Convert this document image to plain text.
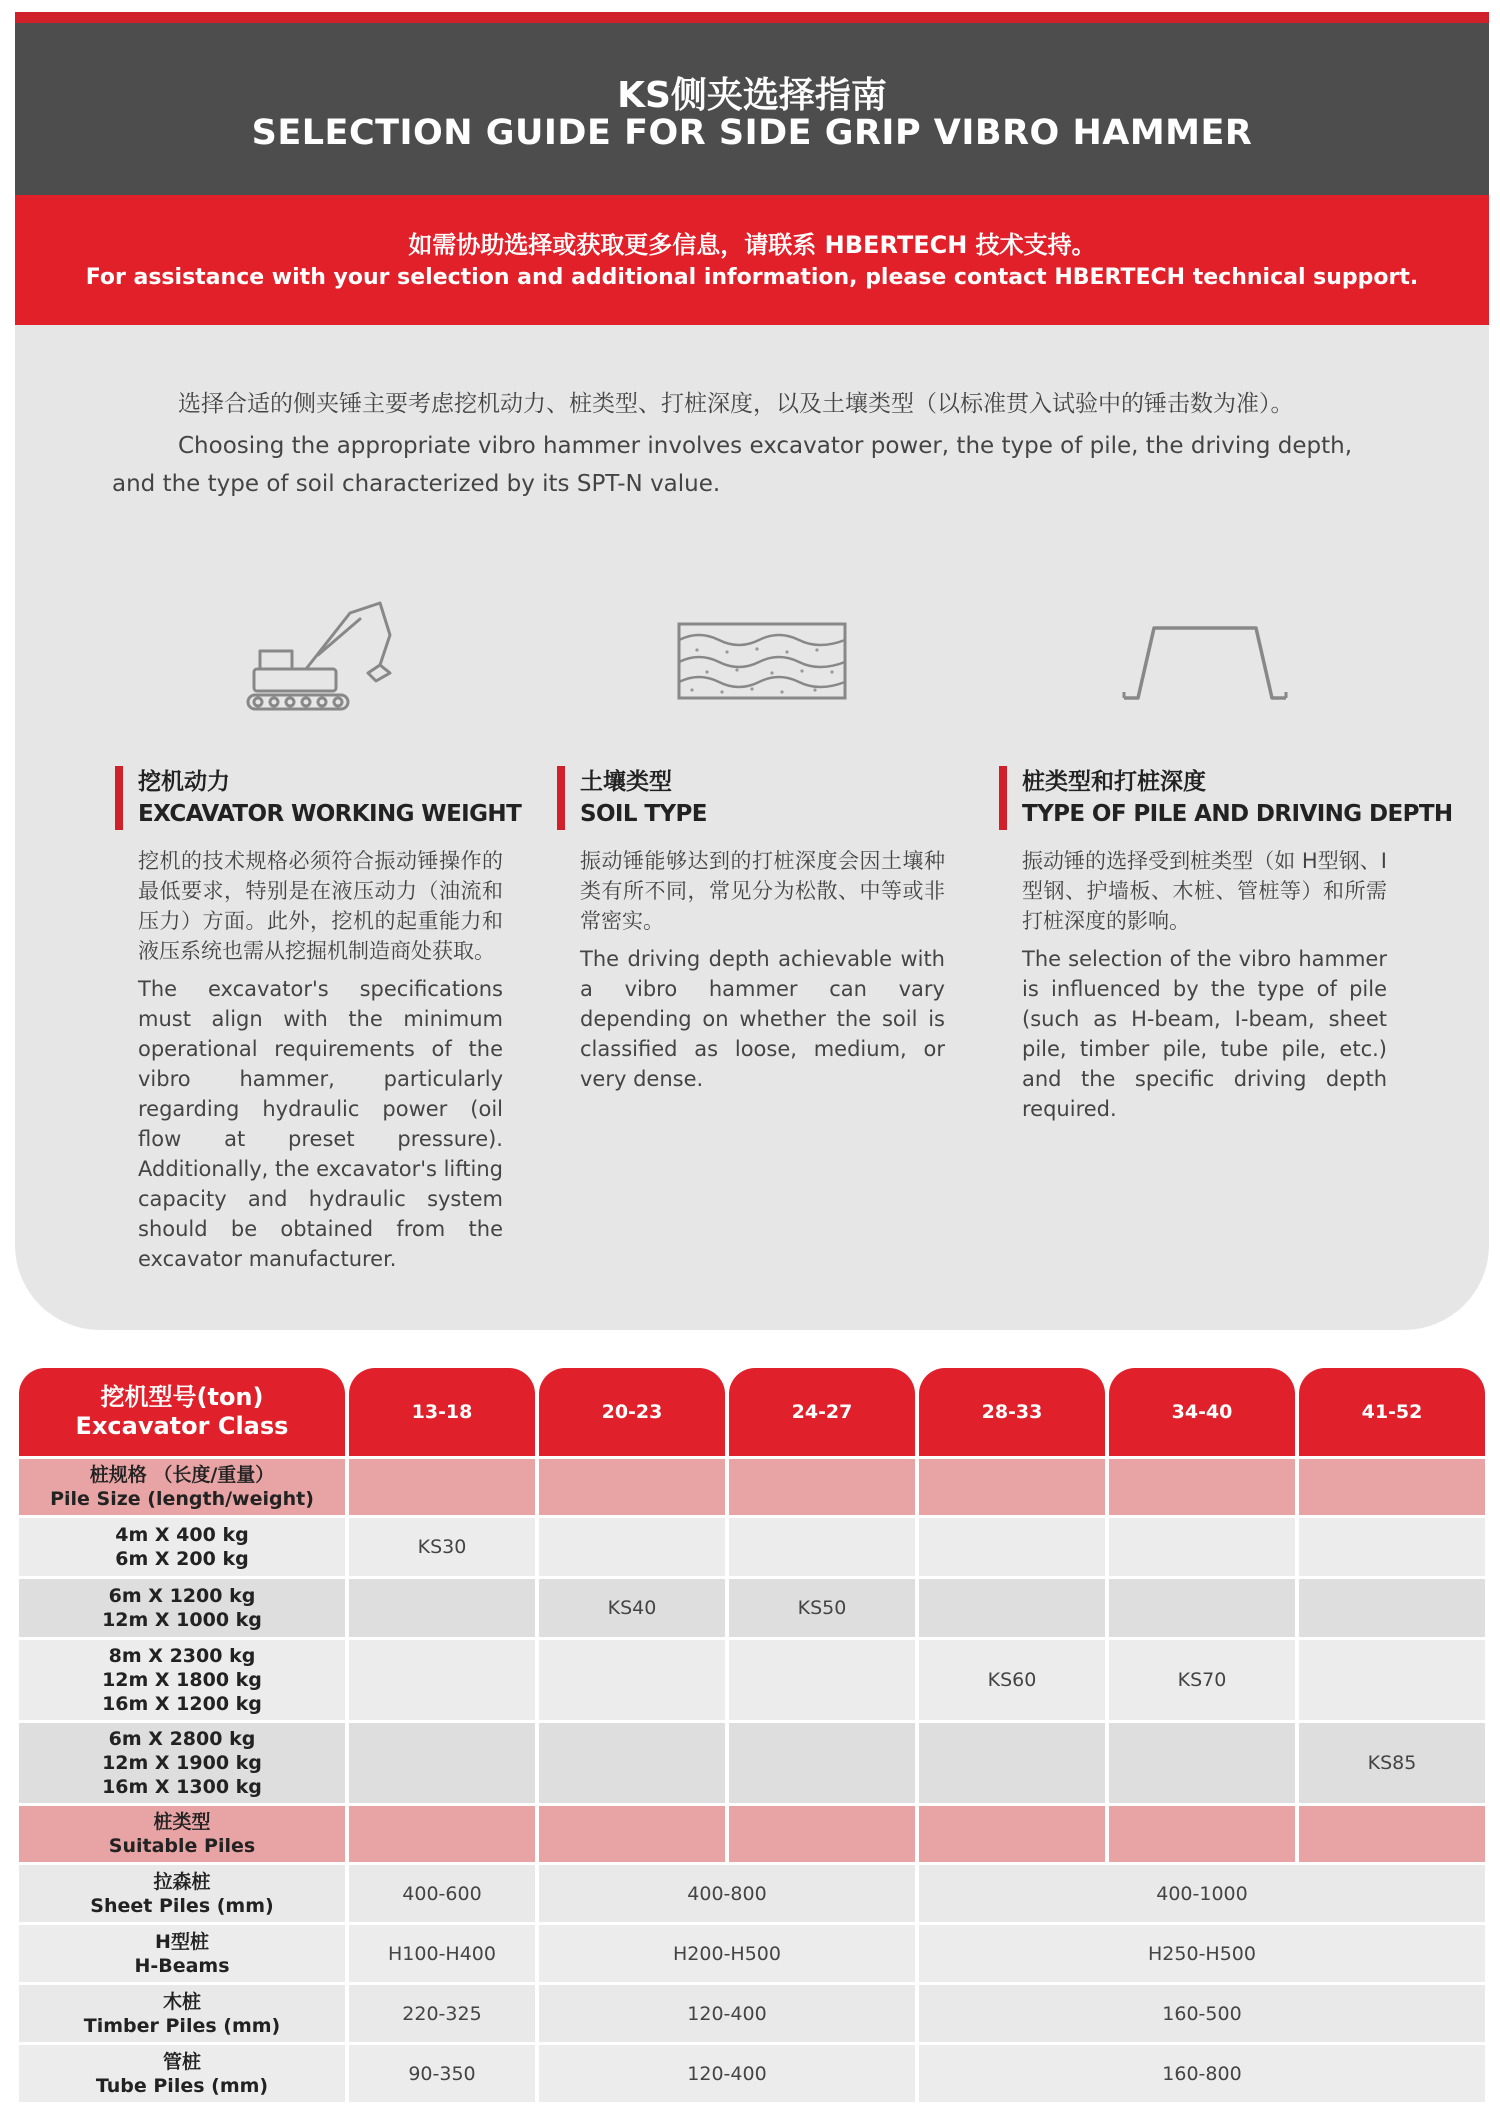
KS侧夹选择指南
SELECTION GUIDE FOR SIDE GRIP VIBRO HAMMER
如需协助选择或获取更多信息，请联系 HBERTECH 技术支持。
For assistance with your selection and additional information, please contact HBERTECH technical support.

选择合适的侧夹锤主要考虑挖机动力、桩类型、打桩深度，以及土壤类型（以标准贯入试验中的锤击数为准）。

Choosing the appropriate vibro hammer involves excavator power, the type of pile, the driving depth, and the type of soil characterized by its SPT-N value.

挖机动力
EXCAVATOR WORKING WEIGHT

挖机的技术规格必须符合振动锤操作的最低要求，特别是在液压动力（油流和压力）方面。此外，挖机的起重能力和液压系统也需从挖掘机制造商处获取。

The excavator's specifications must align with the minimum operational requirements of the vibro hammer, particularly regarding hydraulic power (oil flow at preset pressure). Additionally, the excavator's lifting capacity and hydraulic system should be obtained from the excavator manufacturer.

土壤类型
SOIL TYPE

振动锤能够达到的打桩深度会因土壤种类有所不同，常见分为松散、中等或非常密实。

The driving depth achievable with a vibro hammer can vary depending on whether the soil is classified as loose, medium, or very dense.

桩类型和打桩深度
TYPE OF PILE AND DRIVING DEPTH

振动锤的选择受到桩类型（如 H型钢、I型钢、护墙板、木桩、管桩等）和所需打桩深度的影响。

The selection of the vibro hammer is influenced by the type of pile (such as H-beam, I-beam, sheet pile, timber pile, tube pile, etc.) and the specific driving depth required.

挖机型号(ton)
Excavator Class	13-18	20-23	24-27	28-33	34-40	41-52

桩规格 （长度/重量）
Pile Size (length/weight)						

4m X 400 kg
6m X 200 kg	KS30					

6m X 1200 kg
12m X 1000 kg		KS40	KS50			

8m X 2300 kg
12m X 1800 kg
16m X 1200 kg				KS60	KS70	

6m X 2800 kg
12m X 1900 kg
16m X 1300 kg						KS85

桩类型
Suitable Piles						

拉森桩
Sheet Piles (mm)	400-600	400-800		400-1000		

H型桩
H-Beams	H100-H400	H200-H500		H250-H500		

木桩
Timber Piles (mm)	220-325	120-400		160-500		

管桩
Tube Piles (mm)	90-350	120-400		160-800		
